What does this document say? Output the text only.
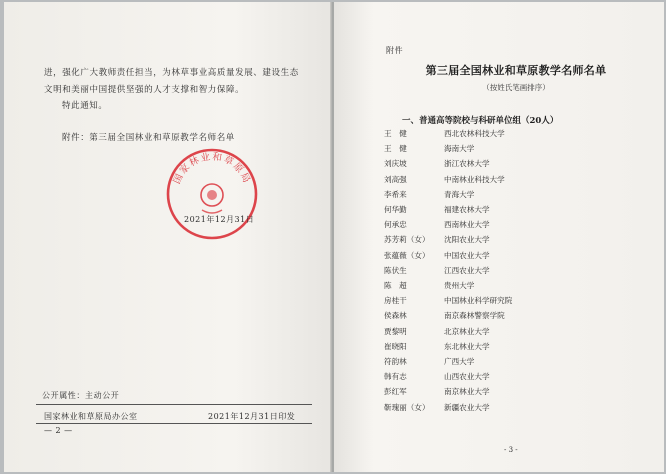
进，强化广大教师责任担当，为林草事业高质量发展、建设生态
文明和美丽中国提供坚强的人才支撑和智力保障。
特此通知。
附件：第三届全国林业和草原教学名师名单
国家林业和草原局
2021年12月31日
公开属性：主动公开
国家林业和草原局办公室	2021年12月31日印发
— 2 —
附件
第三届全国林业和草原教学名师名单
（按姓氏笔画排序）
一、普通高等院校与科研单位组（20人）
王　健	西北农林科技大学
王　健	海南大学
刘庆坡	浙江农林大学
刘高强	中南林业科技大学
李希来	青海大学
何华勤	福建农林大学
何承忠	西南林业大学
苏芳莉（女）	沈阳农业大学
张蕴薇（女）	中国农业大学
陈伏生	江西农业大学
陈　超	贵州大学
房桂干	中国林业科学研究院
侯森林	南京森林警察学院
贾黎明	北京林业大学
崔晓阳	东北林业大学
符韵林	广西大学
韩有志	山西农业大学
彭红军	南京林业大学
靳瑰丽（女）	新疆农业大学
- 3 -
